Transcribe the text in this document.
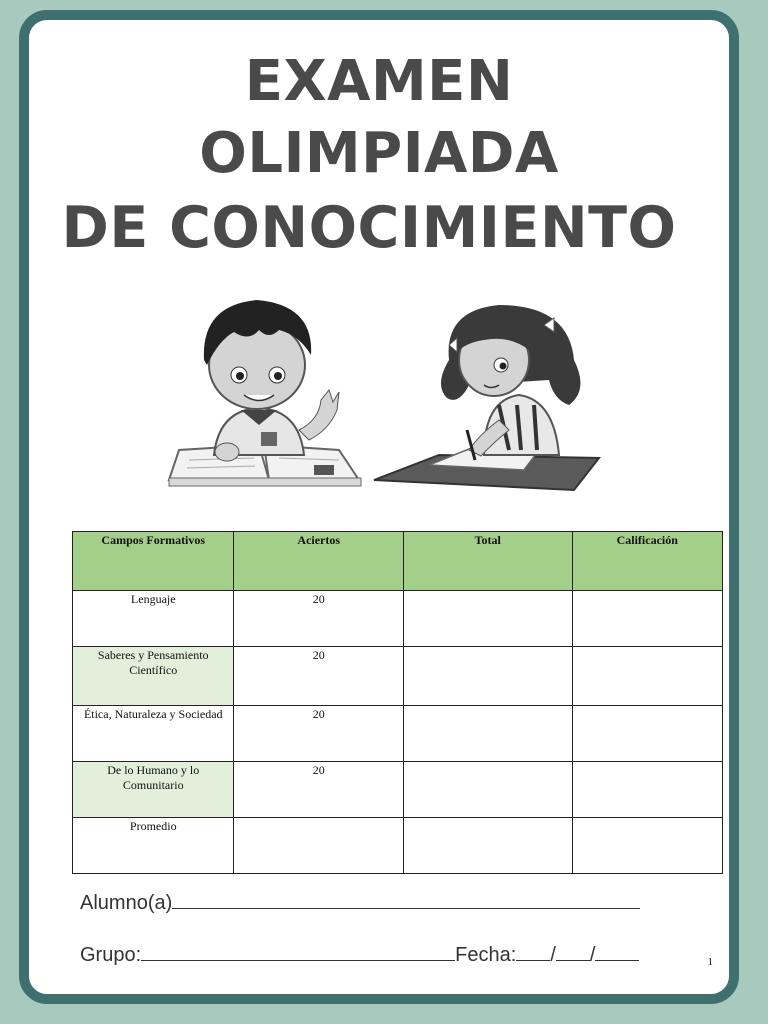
EXAMEN
OLIMPIADA
DE CONOCIMIENTO
Campos Formativos	Aciertos	Total	Calificación
Lenguaje	20		
Saberes y Pensamiento Científico	20		
Ética, Naturaleza y Sociedad	20		
De lo Humano y lo Comunitario	20		
Promedio			
Alumno(a)
Grupo:	Fecha: / /	1
